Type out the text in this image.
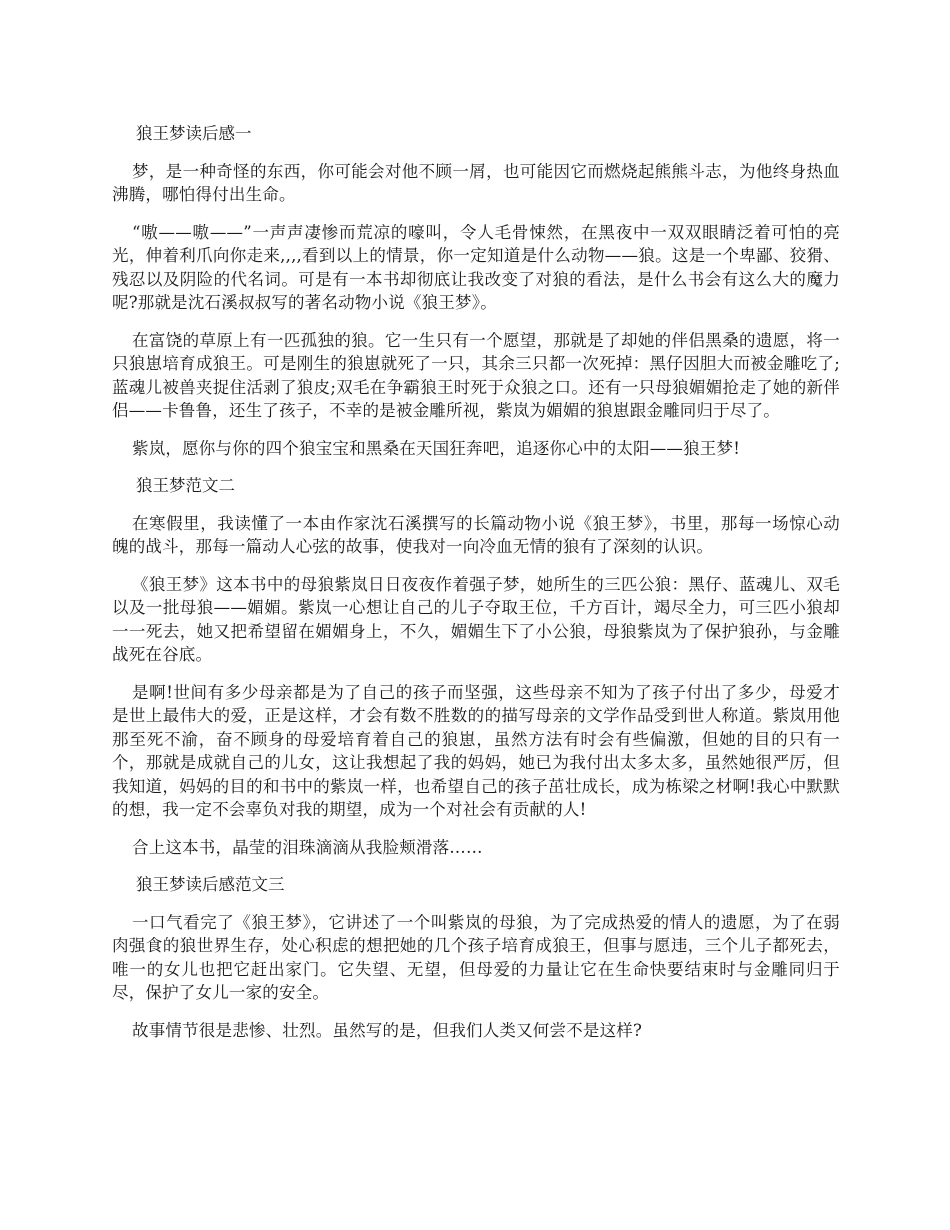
狼王梦读后感一

梦，是一种奇怪的东西，你可能会对他不顾一屑，也可能因它而燃烧起熊熊斗志，为他终身热血沸腾，哪怕得付出生命。

“嗷——嗷——”一声声凄惨而荒凉的嚎叫，令人毛骨悚然，在黑夜中一双双眼睛泛着可怕的亮光，伸着利爪向你走来,,,,看到以上的情景，你一定知道是什么动物——狼。这是一个卑鄙、狡猾、残忍以及阴险的代名词。可是有一本书却彻底让我改变了对狼的看法，是什么书会有这么大的魔力呢?那就是沈石溪叔叔写的著名动物小说《狼王梦》。

在富饶的草原上有一匹孤独的狼。它一生只有一个愿望，那就是了却她的伴侣黑桑的遗愿，将一只狼崽培育成狼王。可是刚生的狼崽就死了一只，其余三只都一次死掉：黑仔因胆大而被金雕吃了;蓝魂儿被兽夹捉住活剥了狼皮;双毛在争霸狼王时死于众狼之口。还有一只母狼媚媚抢走了她的新伴侣——卡鲁鲁，还生了孩子，不幸的是被金雕所视，紫岚为媚媚的狼崽跟金雕同归于尽了。

紫岚，愿你与你的四个狼宝宝和黑桑在天国狂奔吧，追逐你心中的太阳——狼王梦!

狼王梦范文二

在寒假里，我读懂了一本由作家沈石溪撰写的长篇动物小说《狼王梦》，书里，那每一场惊心动魄的战斗，那每一篇动人心弦的故事，使我对一向冷血无情的狼有了深刻的认识。

《狼王梦》这本书中的母狼紫岚日日夜夜作着强子梦，她所生的三匹公狼：黑仔、蓝魂儿、双毛以及一批母狼——媚媚。紫岚一心想让自己的儿子夺取王位，千方百计，竭尽全力，可三匹小狼却一一死去，她又把希望留在媚媚身上，不久，媚媚生下了小公狼，母狼紫岚为了保护狼孙，与金雕战死在谷底。

是啊!世间有多少母亲都是为了自己的孩子而坚强，这些母亲不知为了孩子付出了多少，母爱才是世上最伟大的爱，正是这样，才会有数不胜数的的描写母亲的文学作品受到世人称道。紫岚用他那至死不渝，奋不顾身的母爱培育着自己的狼崽，虽然方法有时会有些偏激，但她的目的只有一个，那就是成就自己的儿女，这让我想起了我的妈妈，她已为我付出太多太多，虽然她很严厉，但我知道，妈妈的目的和书中的紫岚一样，也希望自己的孩子茁壮成长，成为栋梁之材啊!我心中默默的想，我一定不会辜负对我的期望，成为一个对社会有贡献的人!

合上这本书，晶莹的泪珠滴滴从我脸颊滑落……

狼王梦读后感范文三

一口气看完了《狼王梦》，它讲述了一个叫紫岚的母狼，为了完成热爱的情人的遗愿，为了在弱肉强食的狼世界生存，处心积虑的想把她的几个孩子培育成狼王，但事与愿违，三个儿子都死去，唯一的女儿也把它赶出家门。它失望、无望，但母爱的力量让它在生命快要结束时与金雕同归于尽，保护了女儿一家的安全。

故事情节很是悲惨、壮烈。虽然写的是，但我们人类又何尝不是这样?
